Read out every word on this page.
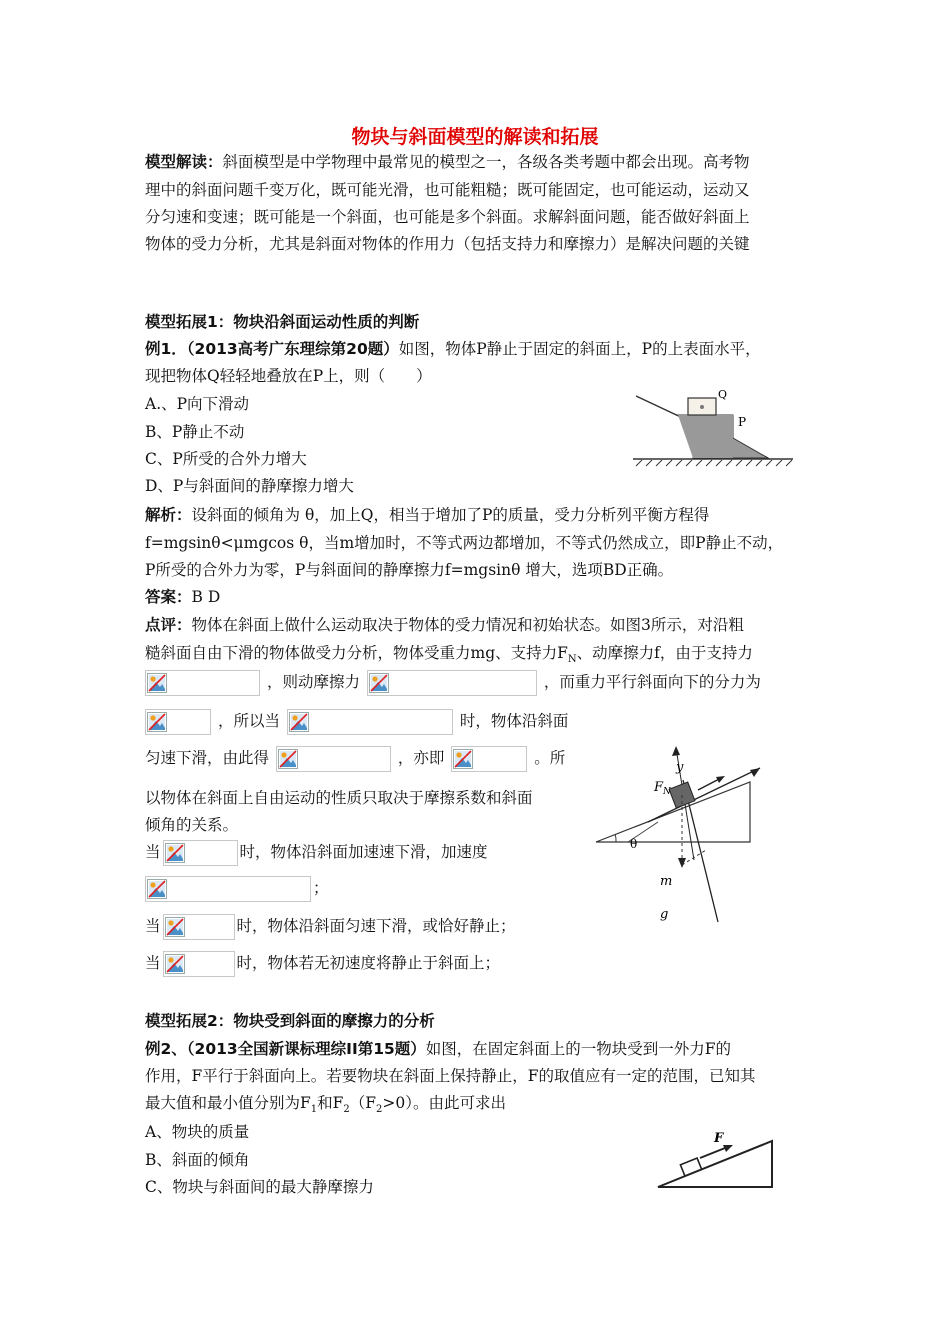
物块与斜面模型的解读和拓展
模型解读：斜面模型是中学物理中最常见的模型之一，各级各类考题中都会出现。高考物
理中的斜面问题千变万化，既可能光滑，也可能粗糙；既可能固定，也可能运动，运动又
分匀速和变速；既可能是一个斜面，也可能是多个斜面。求解斜面问题，能否做好斜面上
物体的受力分析，尤其是斜面对物体的作用力（包括支持力和摩擦力）是解决问题的关键
模型拓展1：物块沿斜面运动性质的判断
例1．（2013高考广东理综第20题）如图，物体P静止于固定的斜面上，P的上表面水平，
现把物体Q轻轻地叠放在P上，则（　　）
A.、P向下滑动
B、P静止不动
C、P所受的合外力增大
D、P与斜面间的静摩擦力增大
Q
P
解析：设斜面的倾角为 θ，加上Q，相当于增加了P的质量，受力分析列平衡方程得
f=mgsinθ<μmgcos θ，当m增加时，不等式两边都增加，不等式仍然成立，即P静止不动，
P所受的合外力为零，P与斜面间的静摩擦力f=mgsinθ 增大，选项BD正确。
答案：B D
点评：物体在斜面上做什么运动取决于物体的受力情况和初始状态。如图3所示，对沿粗
糙斜面自由下滑的物体做受力分析，物体受重力mg、支持力$F_N$、动摩擦力f，由于支持力
，则动摩擦力	，而重力平行斜面向下的分力为
，所以当	时，物体沿斜面
匀速下滑，由此得	，亦即	。所
以物体在斜面上自由运动的性质只取决于摩擦系数和斜面
倾角的关系。
当	时，物体沿斜面加速速下滑，加速度
；
当	时，物体沿斜面匀速下滑，或恰好静止；
当	时，物体若无初速度将静止于斜面上；
y
$F_N$
θ
m
g
模型拓展2：物块受到斜面的摩擦力的分析
例2、（2013全国新课标理综II第15题）如图，在固定斜面上的一物块受到一外力F的
作用，F平行于斜面向上。若要物块在斜面上保持静止，F的取值应有一定的范围，已知其
最大值和最小值分别为$F_1$和$F_2(F_2>0)$。由此可求出
A、物块的质量
B、斜面的倾角
C、物块与斜面间的最大静摩擦力
F
